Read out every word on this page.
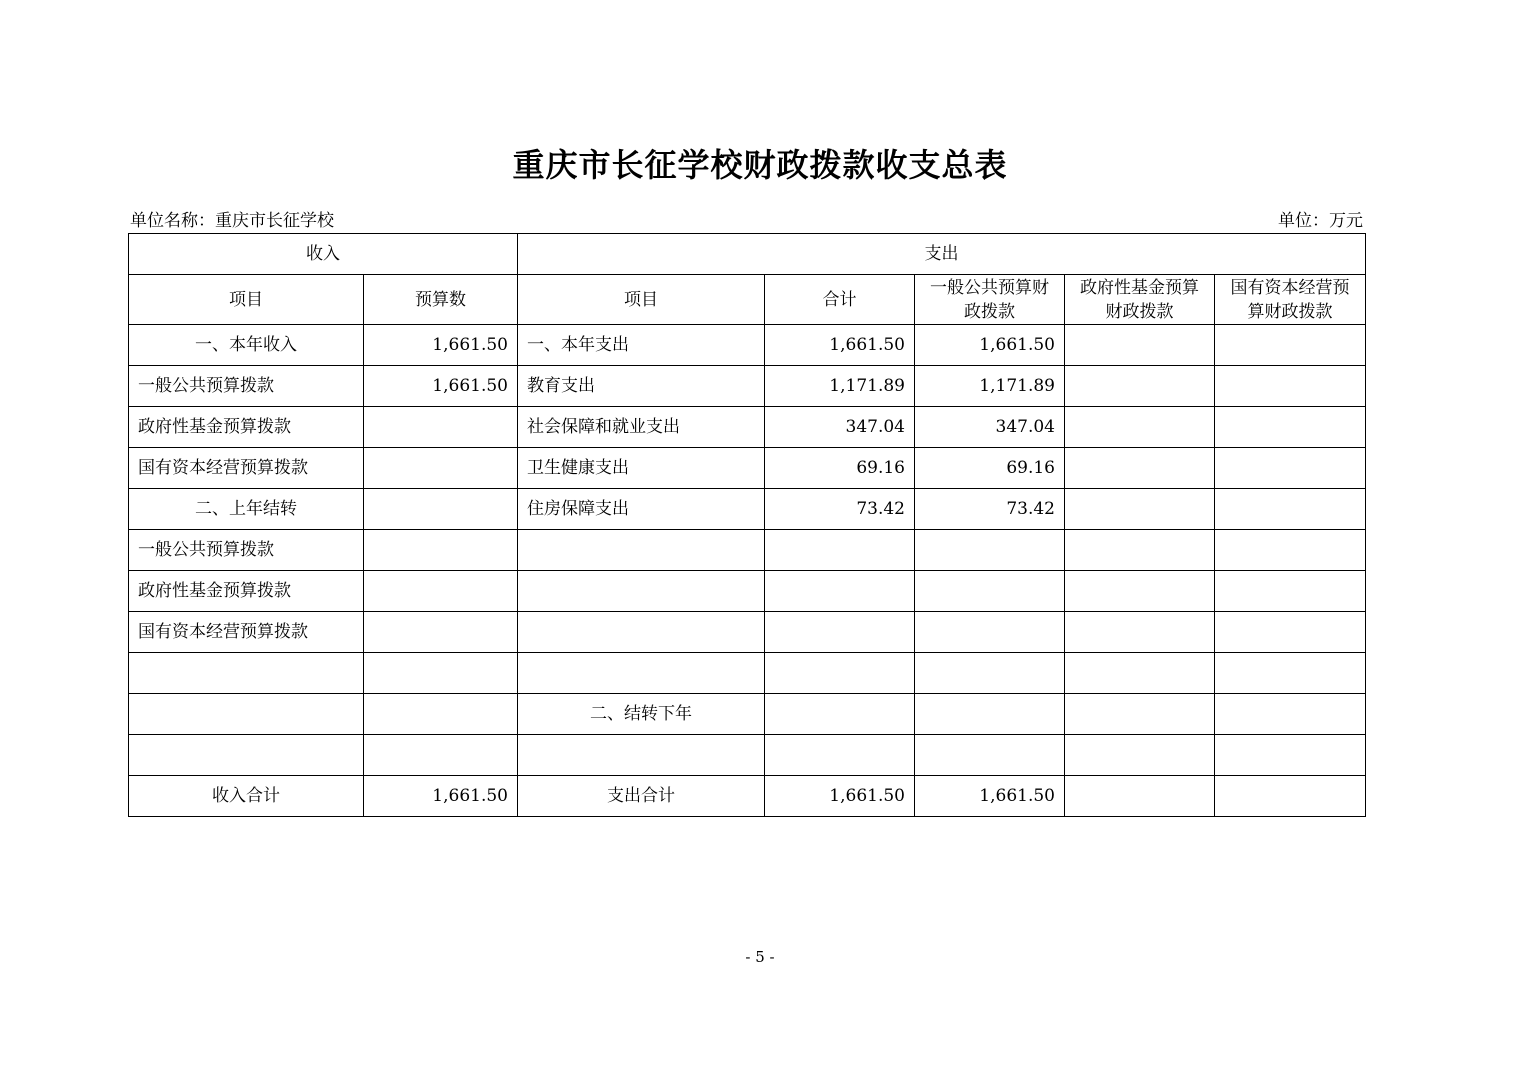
重庆市长征学校财政拨款收支总表
单位名称：重庆市长征学校	单位：万元
收入		支出				
项目	预算数	项目	合计	一般公共预算财政拨款	政府性基金预算财政拨款	国有资本经营预算财政拨款
一、本年收入	1,661.50	一、本年支出	1,661.50	1,661.50		
一般公共预算拨款	1,661.50	教育支出	1,171.89	1,171.89		
政府性基金预算拨款		社会保障和就业支出	347.04	347.04		
国有资本经营预算拨款		卫生健康支出	69.16	69.16		
二、上年结转		住房保障支出	73.42	73.42		
一般公共预算拨款						
政府性基金预算拨款						
国有资本经营预算拨款						

		二、结转下年				

收入合计	1,661.50	支出合计	1,661.50	1,661.50		
- 5 -
